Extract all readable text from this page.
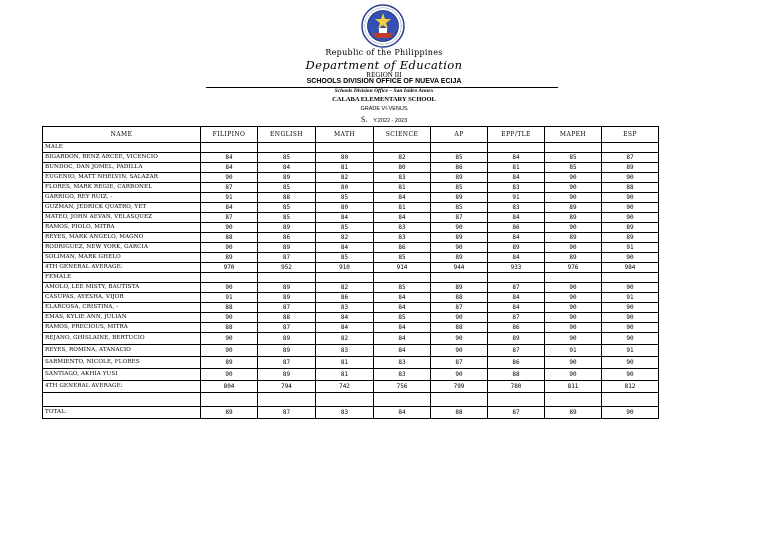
Republic of the Philippines
Department of Education
REGION III
SCHOOLS DIVISION OFFICE OF NUEVA ECIJA
Schools Division Office – San Isidro Annex
CALABA ELEMENTARY SCHOOL
GRADE VI-VENUS
S. Y.2022 - 2023
NAME	FILIPINO	ENGLISH	MATH	SCIENCE	AP	EPP/TLE	MAPEH	ESP
MALE								
BIGARDON, RENZ ARCEE, VICENCIO	84	85	80	82	85	84	85	87
BUNDOC, DAN JOMEL, PADILLA	84	84	81	80	86	81	85	89
EUGENIO, MATT NHELVIN, SALAZAR	90	89	82	83	89	84	90	90
FLORES, MARK REGIE, CARBONEL	87	85	80	81	85	83	90	88
GARRIGO, REY RUIZ, -	91	88	85	84	89	91	90	90
GUZMAN, JEDRICK QUATRO, YET	84	85	80	81	85	83	89	90
MATEO, JOHN AEVAN, VELASQUEZ	87	85	84	84	87	84	89	90
RAMOS, PIOLO, MITRA	90	89	85	83	90	86	90	89
REYES, MARK ANGELO, MAGNO	88	86	82	83	89	84	89	89
RODRIGUEZ, NEW YORK, GARCIA	90	89	84	86	90	89	90	91
SOLIMAN, MARK GHELO	89	87	85	85	89	84	89	90
4TH GENERAL AVERAGE:	970	952	910	914	944	933	976	984
FEMALE								
AMOLO, LEE MISTY, BAUTISTA	90	89	82	85	89	87	90	90
CASUPAS, AYESHA, VIJOR	91	89	86	84	88	84	90	91
ELARCOSA, CRISTINA, -	88	87	83	84	87	84	90	90
EMAS, KYLIE ANN, JULIAN	90	88	84	85	90	87	90	90
RAMOS, PRECIOUS, MITRA	88	87	84	84	88	86	90	90
REJANO, GHISLAINE, BERTUCIO	90	89	82	84	90	89	90	90
REYES, ROMINA, ATANACIO	90	89	83	84	90	87	91	91
SARMIENTO, NICOLE, FLORES	89	87	81	83	87	86	90	90
SANTIAGO, AKHIA YUSI	90	89	81	83	90	88	90	90
4TH GENERAL AVERAGE:	804	794	742	756	799	780	811	812

TOTAL:	89	87	83	84	88	87	89	90
